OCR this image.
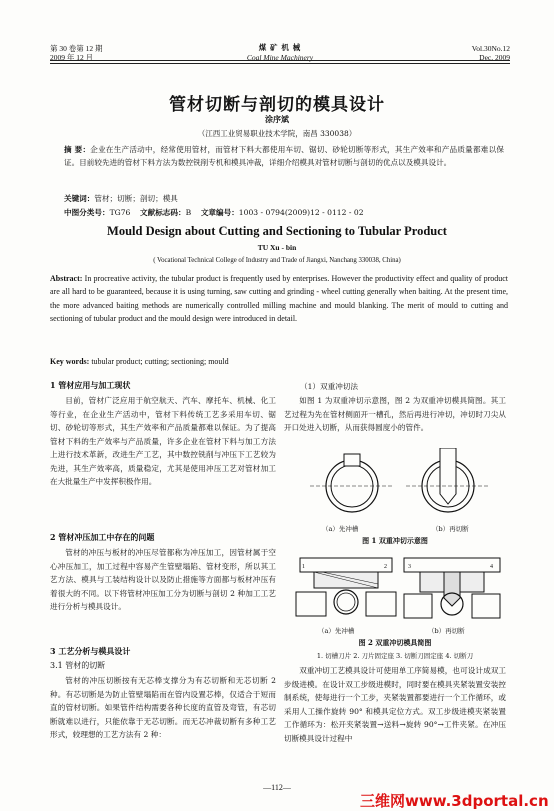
第 30 卷第 12 期
2009 年 12 月
煤 矿 机 械
Coal Mine Machinery
Vol.30No.12
Dec. 2009
管材切断与剖切的模具设计
涂序斌
（江西工业贸易职业技术学院，南昌 330038）
摘 要：企业在生产活动中，经常使用管材，而管材下料大都使用车切、锯切、砂轮切断等形式，其生产效率和产品质量都难以保证。目前较先进的管材下料方法为数控铣削专机和模具冲裁，详细介绍模具对管材切断与剖切的优点以及模具设计。
关键词：管材；切断；剖切；模具
中图分类号：TG76 文献标志码：B 文章编号：1003 - 0794(2009)12 - 0112 - 02
Mould Design about Cutting and Sectioning to Tubular Product
TU Xu - bin
( Vocational Technical College of Industry and Trade of Jiangxi, Nanchang 330038, China)
Abstract: In procreative activity, the tubular product is frequently used by enterprises. However the productivity effect and quality of product are all hard to be guaranteed, because it is using turning, saw cutting and grinding - wheel cutting generally when baiting. At the present time, the more advanced baiting methods are numerically controlled milling machine and mould blanking. The merit of mould to cutting and sectioning of tubular product and the mould design were introduced in detail.
Key words: tubular product; cutting; sectioning; mould
1 管材应用与加工现状
目前，管材广泛应用于航空航天、汽车、摩托车、机械、化工等行业，在企业生产活动中，管材下料传统工艺多采用车切、锯切、砂轮切等形式，其生产效率和产品质量都难以保证。为了提高管材下料的生产效率与产品质量，许多企业在管材下料与加工方法上进行技术革新，改进生产工艺，其中数控铣削与冲压下工艺较为先进，其生产效率高，质量稳定，尤其是使用冲压工艺对管材加工在大批量生产中发挥积极作用。
2 管材冲压加工中存在的问题
管材的冲压与板材的冲压尽管都称为冲压加工，因管材属于空心冲压加工，加工过程中容易产生管壁塌陷、管材变形，所以其工艺方法、模具与工装结构设计以及防止措施等方面都与板材冲压有着很大的不同。以下将管材冲压加工分为切断与剖切 2 种加工工艺进行分析与模具设计。
3 工艺分析与模具设计
3.1 管材的切断
管材的冲压切断按有无芯棒支撑分为有芯切断和无芯切断 2 种。有芯切断是为防止管壁塌陷而在管内设置芯棒，仅适合于短而直的管材切断。如果管件结构需要各种长度的直管及弯管，有芯切断就难以进行，只能依靠于无芯切断。而无芯冲裁切断有多种工艺形式，较理想的工艺方法有 2 种：
（1）双重冲切法
如图 1 为双重冲切示意图，图 2 为双重冲切模具简图。其工艺过程为先在管材侧面开一槽孔，然后再进行冲切，冲切时刀尖从开口处进入切断，从而获得圆度小的管件。
（a）先冲槽	（b）再切断
图 1 双重冲切示意图
1	2	3	4
（a）先冲槽	（b）再切断
图 2 双重冲切模具简图
1. 切槽刀片 2. 刀片固定座 3. 切断刀固定座 4. 切断刀
双重冲切工艺模具设计可使用单工序简易模，也可设计成双工步级进模。在设计双工步级进模时，同时要在模具夹紧装置安装控制系统，使每进行一个工步，夹紧装置都要进行一个工作循环，或采用人工操作旋转 90° 和模具定位方式。双工步级进模夹紧装置工作循环为：松开夹紧装置→送料→旋转 90°→工件夹紧。在冲压切断模具设计过程中
—112—
三维网www.3dportal.cn
